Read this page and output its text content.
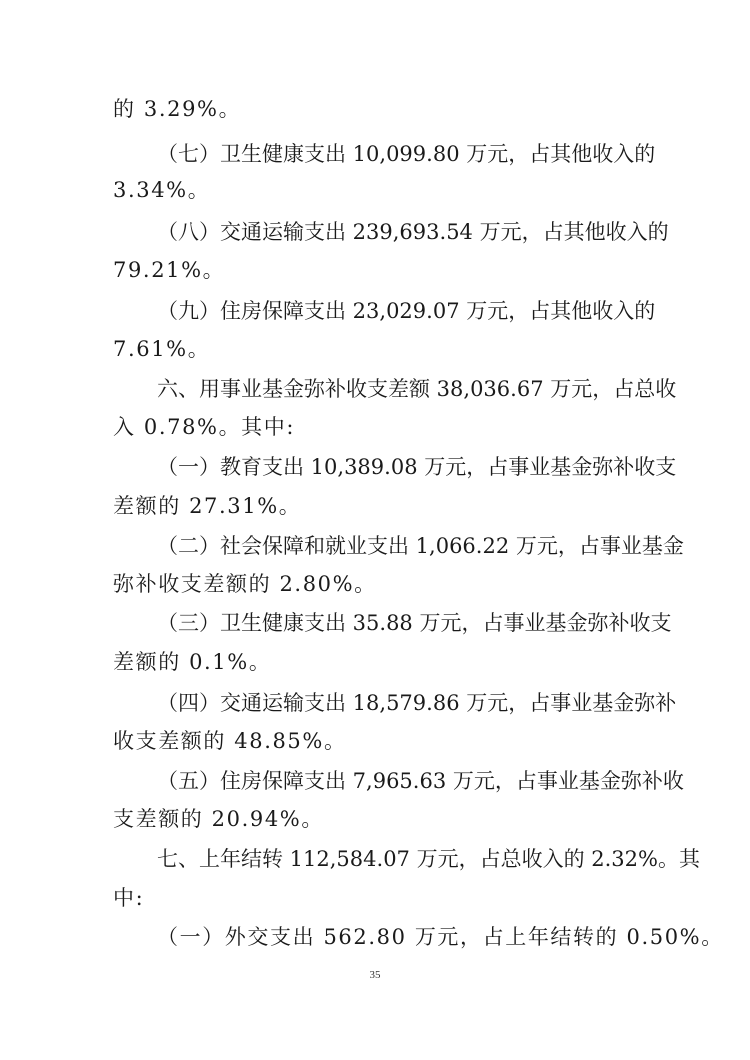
的 3.29%。
（七）卫生健康支出 10,099.80 万元，占其他收入的
3.34%。
（八）交通运输支出 239,693.54 万元，占其他收入的
79.21%。
（九）住房保障支出 23,029.07 万元，占其他收入的
7.61%。
六、用事业基金弥补收支差额 38,036.67 万元，占总收
入 0.78%。其中:
（一）教育支出 10,389.08 万元，占事业基金弥补收支
差额的 27.31%。
（二）社会保障和就业支出 1,066.22 万元，占事业基金
弥补收支差额的 2.80%。
（三）卫生健康支出 35.88 万元，占事业基金弥补收支
差额的 0.1%。
（四）交通运输支出 18,579.86 万元，占事业基金弥补
收支差额的 48.85%。
（五）住房保障支出 7,965.63 万元，占事业基金弥补收
支差额的 20.94%。
七、上年结转 112,584.07 万元，占总收入的 2.32%。其
中:
（一）外交支出 562.80 万元，占上年结转的 0.50%。
35
